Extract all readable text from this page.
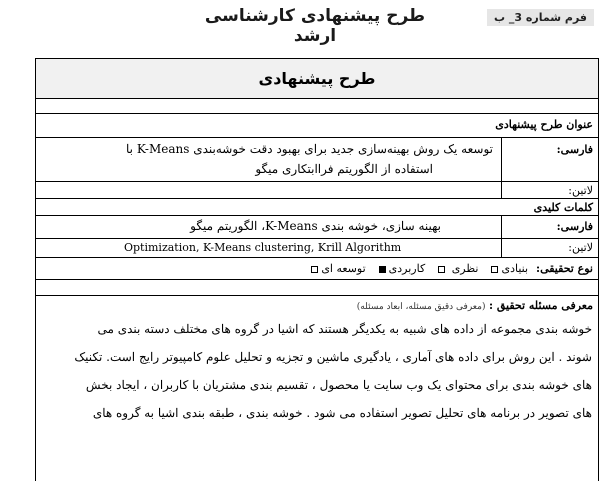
طرح پیشنهادی کارشناسی ارشد
فرم شماره 3_ ب
طرح پیشنهادی
عنوان طرح پیشنهادی
فارسی:
توسعه یک روش بهینه‌سازی جدید برای بهبود دقت خوشه‌بندی K-Means با
استفاده از الگوریتم فراابتکاری میگو
لاتین:
کلمات کلیدی
فارسی:
بهینه سازی، خوشه بندی K-Means، الگوریتم میگو
لاتین:
Optimization, K-Means clustering, Krill Algorithm
نوع تحقیقی:
بنیادی
نظری
کاربردی
توسعه ای
معرفی مسئله تحقیق : (معرفی دقیق مسئله، ابعاد مسئله)
خوشه بندی مجموعه از داده های شبیه به یکدیگر هستند که اشیا در گروه های مختلف دسته بندی می
شوند . این روش برای داده های آماری ، یادگیری ماشین و تجزیه و تحلیل علوم کامپیوتر رایج است. تکنیک
های خوشه بندی برای محتوای یک وب سایت یا محصول ، تقسیم بندی مشتریان با کاربران ، ایجاد بخش
های تصویر در برنامه های تحلیل تصویر استفاده می شود . خوشه بندی ، طبقه بندی اشیا به گروه های
